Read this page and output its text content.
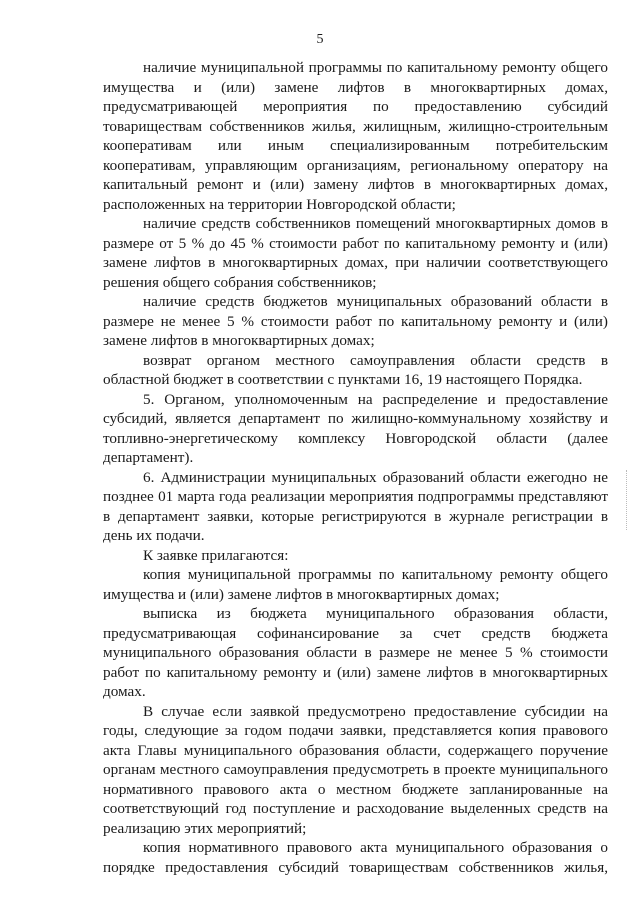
5

наличие муниципальной программы по капитальному ремонту общего имущества и (или) замене лифтов в многоквартирных домах, предусматривающей мероприятия по предоставлению субсидий товариществам собственников жилья, жилищным, жилищно-строительным кооперативам или иным специализированным потребительским кооперативам, управляющим организациям, региональному оператору на капитальный ремонт и (или) замену лифтов в многоквартирных домах, расположенных на территории Новгородской области;

наличие средств собственников помещений многоквартирных домов в размере от 5 % до 45 % стоимости работ по капитальному ремонту и (или) замене лифтов в многоквартирных домах, при наличии соответствующего решения общего собрания собственников;

наличие средств бюджетов муниципальных образований области в размере не менее 5 % стоимости работ по капитальному ремонту и (или) замене лифтов в многоквартирных домах;

возврат органом местного самоуправления области средств в областной бюджет в соответствии с пунктами 16, 19 настоящего Порядка.

5. Органом, уполномоченным на распределение и предоставление субсидий, является департамент по жилищно-коммунальному хозяйству и топливно-энергетическому комплексу Новгородской области (далее департамент).

6. Администрации муниципальных образований области ежегодно не позднее 01 марта года реализации мероприятия подпрограммы представляют в департамент заявки, которые регистрируются в журнале регистрации в день их подачи.

К заявке прилагаются:

копия муниципальной программы по капитальному ремонту общего имущества и (или) замене лифтов в многоквартирных домах;

выписка из бюджета муниципального образования области, предусматривающая софинансирование за счет средств бюджета муниципального образования области в размере не менее 5 % стоимости работ по капитальному ремонту и (или) замене лифтов в многоквартирных домах.

В случае если заявкой предусмотрено предоставление субсидии на годы, следующие за годом подачи заявки, представляется копия правового акта Главы муниципального образования области, содержащего поручение органам местного самоуправления предусмотреть в проекте муниципального нормативного правового акта о местном бюджете запланированные на соответствующий год поступление и расходование выделенных средств на реализацию этих мероприятий;

копия нормативного правового акта муниципального образования о порядке предоставления субсидий товариществам собственников жилья,
